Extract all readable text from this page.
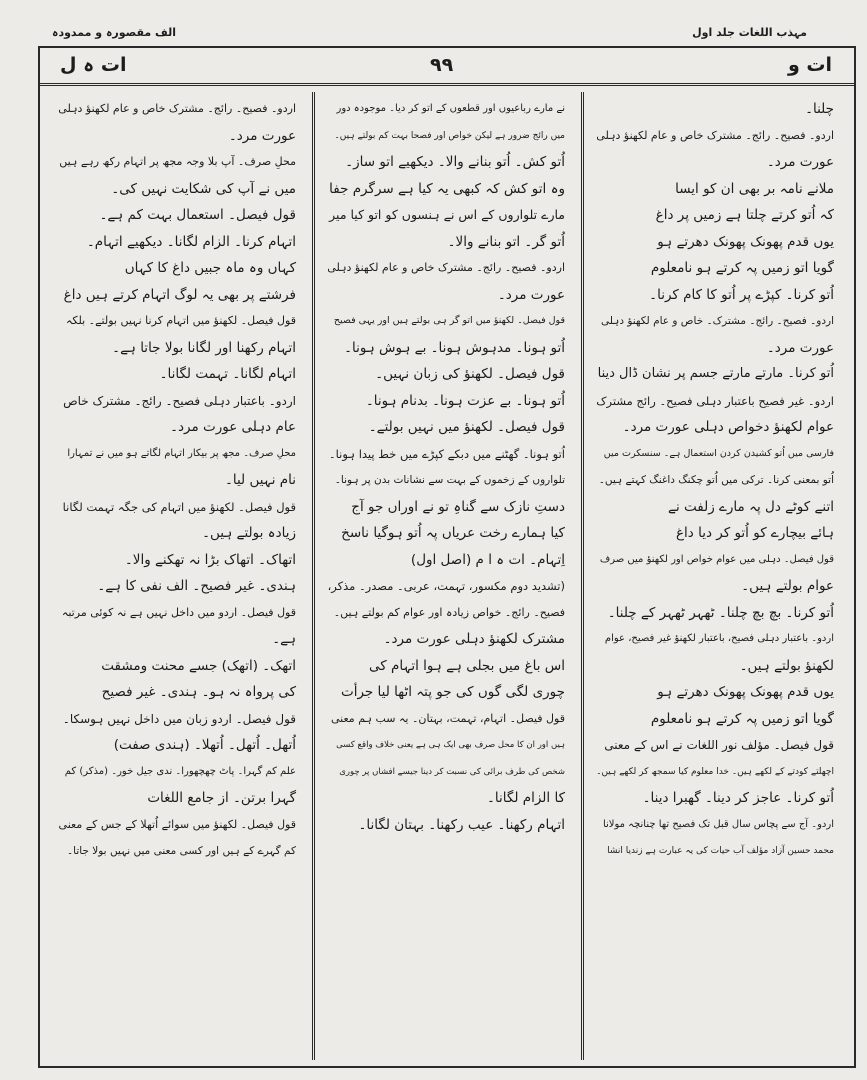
الف مقصورہ و ممدودہ	مہذب اللغات جلد اول
ات ہ ل	۹۹	ات و
چلنا۔
اردو۔ فصیح۔ رائج۔ مشترک خاص و عام لکھنؤ دہلی
عورت مرد۔
ملانے نامہ بر بھی ان کو ایسا
کہ اُتو کرتے چلتا ہے زمیں پر داغ
یوں قدم پھونک پھونک دھرتے ہو
گویا اتو زمیں پہ کرتے ہو نامعلوم
اُتو کرنا۔ کپڑے پر اُتو کا کام کرنا۔
اردو۔ فصیح۔ رائج۔ مشترک۔ خاص و عام لکھنؤ دہلی
عورت مرد۔
اُتو کرنا۔ مارتے مارتے جسم پر نشان ڈال دینا
اردو۔ غیر فصیح باعتبار دہلی فصیح۔ رائج مشترک
عوام لکھنؤ دخواص دہلی عورت مرد۔
فارسی میں اُتو کشیدن کردن استعمال ہے۔ سنسکرت میں
اُتو بمعنی کرنا۔ ترکی میں اُتو چکنگ داغنگ کہتے ہیں۔
اتنے کوٹے دل پہ مارے زلفت نے
ہائے بیچارے کو اُتو کر دیا داغ
قول فیصل۔ دہلی میں عوام خواص اور لکھنؤ میں صرف
عوام بولتے ہیں۔
اُتو کرنا۔ بچ بچ چلنا۔ ٹھہر ٹھہر کے چلنا۔
اردو۔ باعتبار دہلی فصیح، باعتبار لکھنؤ غیر فصیح، عوام
لکھنؤ بولتے ہیں۔
یوں قدم پھونک پھونک دھرتے ہو
گویا اتو زمیں پہ کرتے ہو نامعلوم
قول فیصل۔ مؤلف نور اللغات نے اس کے معنی
اچھلتے کودتے کے لکھے ہیں۔ خدا معلوم کیا سمجھ کر لکھے ہیں۔
اُتو کرنا۔ عاجز کر دینا۔ گھبرا دینا۔
اردو۔ آج سے پچاس سال قبل تک فصیح تھا چنانچہ مولانا
محمد حسین آزاد مؤلف آب حیات کی یہ عبارت ہے زندیا انشا
نے مارے رباعیوں اور قطعوں کے اتو کر دیا۔ موجودہ دور
میں رائج ضرور ہے لیکن خواص اور فصحا بہت کم بولتے ہیں۔
اُتو کش۔ اُتو بنانے والا۔ دیکھیے اتو ساز۔
وہ اتو کش کہ کبھی یہ کیا ہے سرگرم جفا
مارے تلواروں کے اس نے ہنسوں کو اتو کیا میر
اُتو گر۔ اتو بنانے والا۔
اردو۔ فصیح۔ رائج۔ مشترک خاص و عام لکھنؤ دہلی
عورت مرد۔
قول فیصل۔ لکھنؤ میں اتو گر ہی بولتے ہیں اور یہی فصیح
اُتو ہونا۔ مدہوش ہونا۔ بے ہوش ہونا۔
قول فیصل۔ لکھنؤ کی زبان نہیں۔
اُتو ہونا۔ بے عزت ہونا۔ بدنام ہونا۔
قول فیصل۔ لکھنؤ میں نہیں بولتے۔
اُتو ہونا۔ گھٹنے میں دبکے کپڑے میں خط پیدا ہونا۔
تلواروں کے زخموں کے بہت سے نشانات بدن پر ہونا۔
دستِ نازک سے گناہِ تو نے اوراں جو آج
کیا ہمارے رخت عریاں پہ اُتو ہوگیا ناسخ
اِتہام۔ ات ہ ا م (اصل اول)
(تشدید دوم مکسور، تہمت، عربی۔ مصدر۔ مذکر،
فصیح۔ رائج۔ خواص زیادہ اور عوام کم بولتے ہیں۔
مشترک لکھنؤ دہلی عورت مرد۔
اس باغ میں بجلی ہے ہوا اتہام کی
چوری لگی گوں کی جو پتہ اٹھا لیا جرأت
قول فیصل۔ اتہام، تہمت، بہتان۔ یہ سب ہم معنی
ہیں اور ان کا محل صرف بھی ایک ہی ہے یعنی خلاف واقع کسی
شخص کی طرف برائی کی نسبت کر دینا جیسے افشاں پر چوری
کا الزام لگانا۔
اتہام رکھنا۔ عیب رکھنا۔ بہتان لگانا۔
اردو۔ فصیح۔ رائج۔ مشترک خاص و عام لکھنؤ دہلی
عورت مرد۔
محلِ صرف۔ آپ بلا وجہ مجھ پر اتہام رکھ رہے ہیں
میں نے آپ کی شکایت نہیں کی۔
قول فیصل۔ استعمال بہت کم ہے۔
اتہام کرنا۔ الزام لگانا۔ دیکھیے اتہام۔
کہاں وہ ماہ جبیں داغ کا کہاں
فرشتے پر بھی یہ لوگ اتہام کرتے ہیں داغ
قول فیصل۔ لکھنؤ میں اتہام کرنا نہیں بولتے۔ بلکہ
اتہام رکھنا اور لگانا بولا جاتا ہے۔
اتہام لگانا۔ تہمت لگانا۔
اردو۔ باعتبار دہلی فصیح۔ رائج۔ مشترک خاص
عام دہلی عورت مرد۔
محلِ صرف۔ مجھ پر بیکار اتہام لگاتے ہو میں نے تمہارا
نام نہیں لیا۔
قول فیصل۔ لکھنؤ میں اتہام کی جگہ تہمت لگانا
زیادہ بولتے ہیں۔
اتھاک۔ اتھاک بڑا نہ تھکنے والا۔
ہندی۔ غیر فصیح۔ الف نفی کا ہے۔
قول فیصل۔ اردو میں داخل نہیں ہے نہ کوئی مرتبہ
ہے۔
اتھک۔ (اتھک) جسے محنت ومشقت
کی پرواہ نہ ہو۔ ہندی۔ غیر فصیح
قول فیصل۔ اردو زبان میں داخل نہیں ہوسکا۔
اُتھل۔ اُتھل۔ اُتھلا۔ (ہندی صفت)
علم کم گہرا۔ پاٹ چھچھورا۔ ندی جیل خور۔ (مذکر) کم
گہرا برتن۔ از جامع اللغات
قول فیصل۔ لکھنؤ میں سوائے اُتھلا کے جس کے معنی
کم گہرے کے ہیں اور کسی معنی میں نہیں بولا جاتا۔
